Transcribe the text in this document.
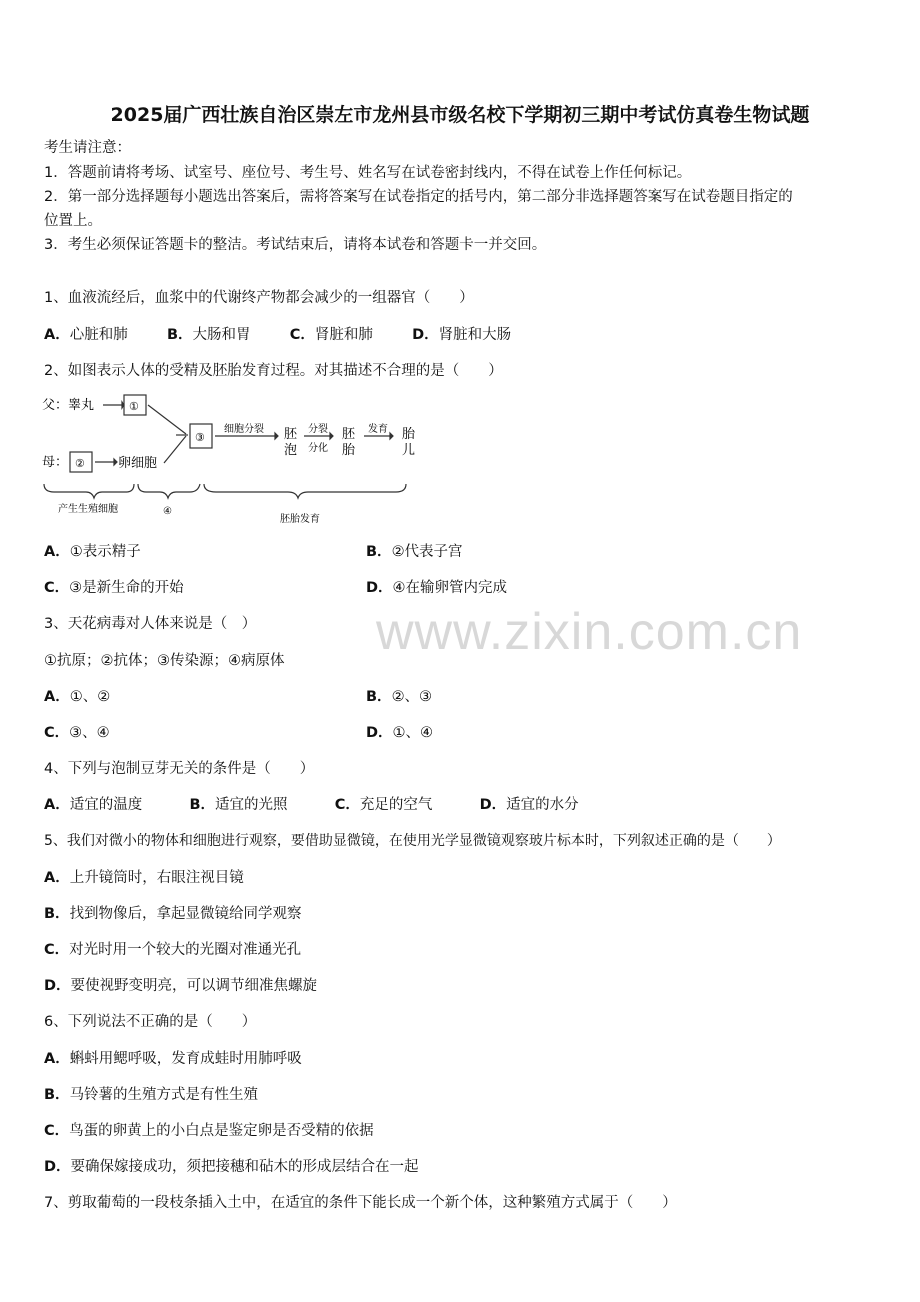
www.zixin.com.cn
2025届广西壮族自治区崇左市龙州县市级名校下学期初三期中考试仿真卷生物试题
考生请注意：
1．答题前请将考场、试室号、座位号、考生号、姓名写在试卷密封线内，不得在试卷上作任何标记。
2．第一部分选择题每小题选出答案后，需将答案写在试卷指定的括号内，第二部分非选择题答案写在试卷题目指定的
位置上。
3．考生必须保证答题卡的整洁。考试结束后，请将本试卷和答题卡一并交回。
1、血液流经后，血浆中的代谢终产物都会减少的一组器官（　　）
A．心脏和肺	B．大肠和胃	C．肾脏和肺	D．肾脏和大肠
2、如图表示人体的受精及胚胎发育过程。对其描述不合理的是（　　）
父：睾丸	①
母： ②	卵细胞
③
细胞分裂 胚
泡
分裂
分化
胚
胎
发育 胎
儿
产生生殖细胞	④
胚胎发育
A．①表示精子	B．②代表子宫
C．③是新生命的开始	D．④在输卵管内完成
3、天花病毒对人体来说是（　）
①抗原；②抗体；③传染源；④病原体
A．①、②	B．②、③
C．③、④	D．①、④
4、下列与泡制豆芽无关的条件是（　　）
A．适宜的温度	B．适宜的光照	C．充足的空气	D．适宜的水分
5、我们对微小的物体和细胞进行观察，要借助显微镜，在使用光学显微镜观察玻片标本时，下列叙述正确的是（　　）
A．上升镜筒时，右眼注视目镜
B．找到物像后，拿起显微镜给同学观察
C．对光时用一个较大的光圈对准通光孔
D．要使视野变明亮，可以调节细准焦螺旋
6、下列说法不正确的是（　　）
A．蝌蚪用鳃呼吸，发育成蛙时用肺呼吸
B．马铃薯的生殖方式是有性生殖
C．鸟蛋的卵黄上的小白点是鉴定卵是否受精的依据
D．要确保嫁接成功，须把接穗和砧木的形成层结合在一起
7、剪取葡萄的一段枝条插入土中，在适宜的条件下能长成一个新个体，这种繁殖方式属于（　　）
